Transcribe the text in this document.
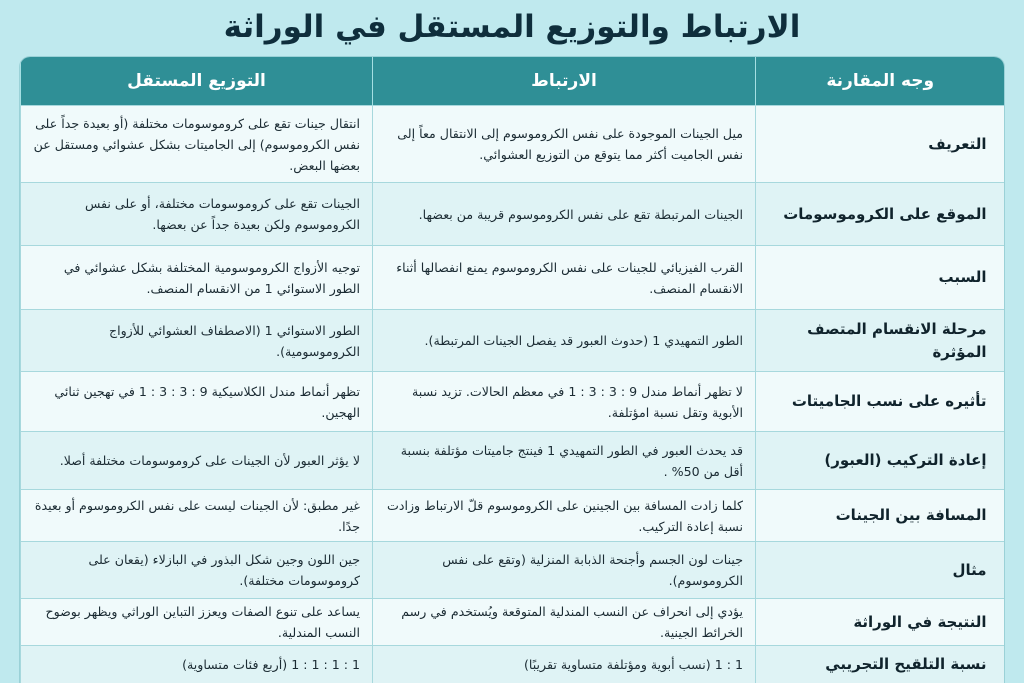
الارتباط والتوزيع المستقل في الوراثة
وجه المقارنة	الارتباط	التوزيع المستقل
التعريف	ميل الجينات الموجودة على نفس الكروموسوم إلى الانتقال معاً إلى نفس الجاميت أكثر مما يتوقع من التوزيع العشوائي.	انتقال جينات تقع على كروموسومات مختلفة (أو بعيدة جداً على نفس الكروموسوم) إلى الجاميتات بشكل عشوائي ومستقل عن بعضها البعض.
الموقع على الكروموسومات	الجينات المرتبطة تقع على نفس الكروموسوم قريبة من بعضها.	الجينات تقع على كروموسومات مختلفة، أو على نفس الكروموسوم ولكن بعيدة جداً عن بعضها.
السبب	القرب الفيزيائي للجينات على نفس الكروموسوم يمنع انفصالها أثناء الانقسام المنصف.	توجيه الأزواج الكروموسومية المختلفة بشكل عشوائي في الطور الاستوائي 1 من الانقسام المنصف.
مرحلة الانقسام المتصف المؤثرة	الطور التمهيدي 1 (حدوث العبور قد يفصل الجينات المرتبطة).	الطور الاستوائي 1 (الاصطفاف العشوائي للأزواج الكروموسومية).
تأثيره على نسب الجاميتات	لا تظهر أنماط مندل 9 : 3 : 3 : 1 في معظم الحالات. تزيد نسبة الأبوية وتقل نسبة امؤتلفة.	تظهر أنماط مندل الكلاسيكية 9 : 3 : 3 : 1 في تهجين ثنائي الهجين.
إعادة التركيب (العبور)	قد يحدث العبور في الطور التمهيدي 1 فينتج جاميتات مؤتلفة بنسبة أقل من 50% .	لا يؤثر العبور لأن الجينات على كروموسومات مختلفة أصلا.
المسافة بين الجينات	كلما زادت المسافة بين الجينين على الكروموسوم قلّ الارتباط وزادت نسبة إعادة التركيب.	غير مطبق: لأن الجينات ليست على نفس الكروموسوم أو بعيدة جدًا.
مثال	جينات لون الجسم وأجنحة الذبابة المنزلية (وتقع على نفس الكروموسوم).	جين اللون وجين شكل البذور في البازلاء (يقعان على كروموسومات مختلفة).
النتيجة في الوراثة	يؤدي إلى انحراف عن النسب المندلية المتوقعة ويُستخدم في رسم الخرائط الجينية.	يساعد على تنوع الصفات ويعزز التباين الوراثي ويظهر بوضوح النسب المندلية.
نسبة التلقيح التجريبي	1 : 1 (نسب أبوية ومؤتلفة متساوية تقريبًا)	1 : 1 : 1 : 1 (أربع فئات متساوية)
